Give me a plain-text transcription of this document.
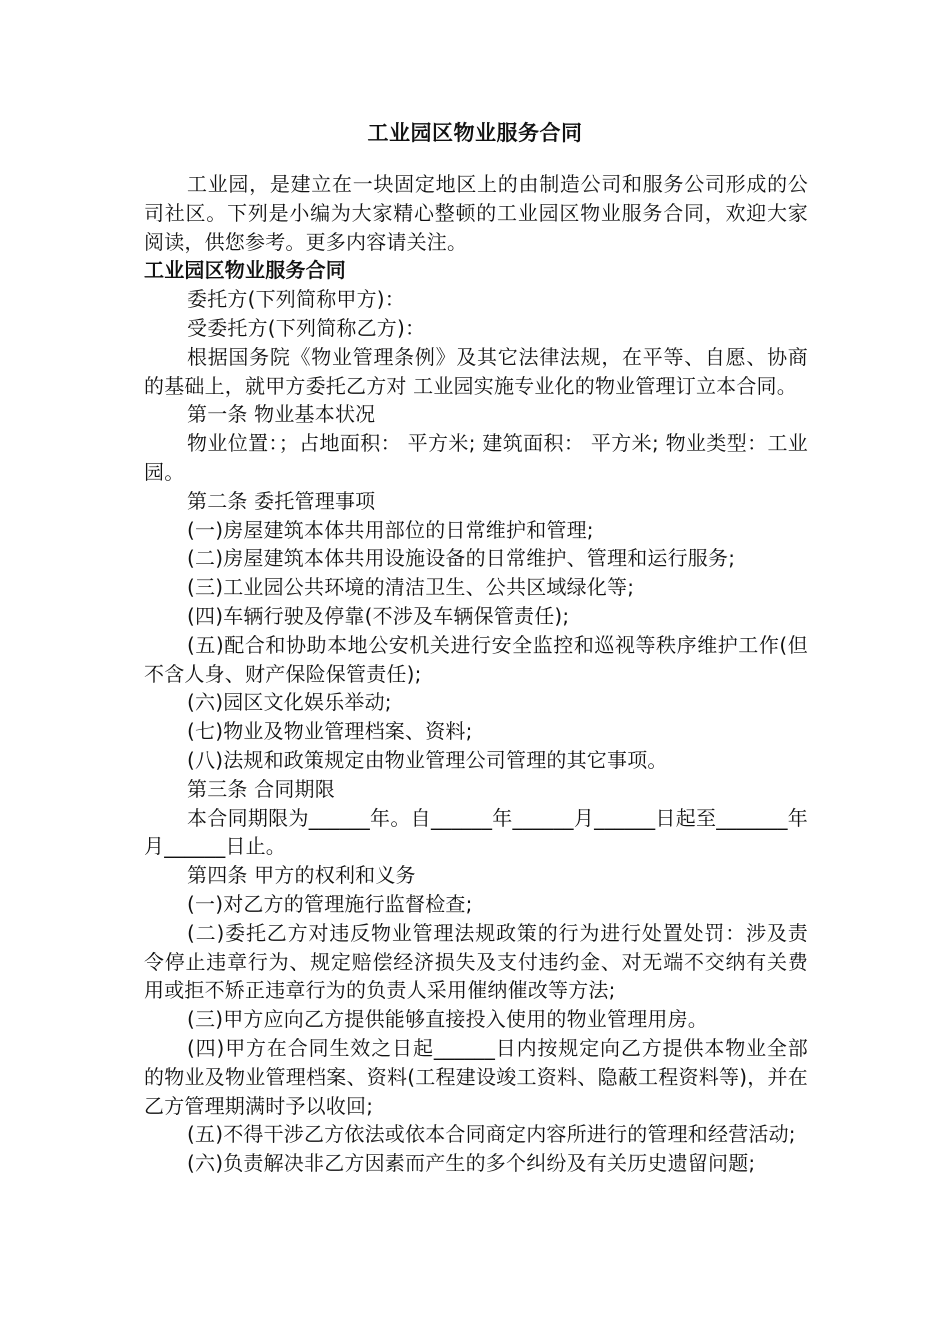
工业园区物业服务合同

工业园，是建立在一块固定地区上的由制造公司和服务公司形成的公司社区。下列是小编为大家精心整顿的工业园区物业服务合同，欢迎大家阅读，供您参考。更多内容请关注。

工业园区物业服务合同

委托方(下列简称甲方)：

受委托方(下列简称乙方)：

根据国务院《物业管理条例》及其它法律法规，在平等、自愿、协商的基础上，就甲方委托乙方对 工业园实施专业化的物业管理订立本合同。

第一条 物业基本状况

物业位置：；占地面积： 平方米; 建筑面积： 平方米; 物业类型：工业园。

第二条 委托管理事项

(一)房屋建筑本体共用部位的日常维护和管理;

(二)房屋建筑本体共用设施设备的日常维护、管理和运行服务;

(三)工业园公共环境的清洁卫生、公共区域绿化等;

(四)车辆行驶及停靠(不涉及车辆保管责任);

(五)配合和协助本地公安机关进行安全监控和巡视等秩序维护工作(但不含人身、财产保险保管责任);

(六)园区文化娱乐举动;

(七)物业及物业管理档案、资料;

(八)法规和政策规定由物业管理公司管理的其它事项。

第三条 合同期限

本合同期限为______年。自______年______月______日起至_______年 月______日止。

第四条 甲方的权利和义务

(一)对乙方的管理施行监督检查;

(二)委托乙方对违反物业管理法规政策的行为进行处置处罚：涉及责令停止违章行为、规定赔偿经济损失及支付违约金、对无端不交纳有关费用或拒不矫正违章行为的负责人采用催纳催改等方法;

(三)甲方应向乙方提供能够直接投入使用的物业管理用房。

(四)甲方在合同生效之日起______日内按规定向乙方提供本物业全部的物业及物业管理档案、资料(工程建设竣工资料、隐蔽工程资料等)，并在乙方管理期满时予以收回;

(五)不得干涉乙方依法或依本合同商定内容所进行的管理和经营活动;

(六)负责解决非乙方因素而产生的多个纠纷及有关历史遗留问题;
